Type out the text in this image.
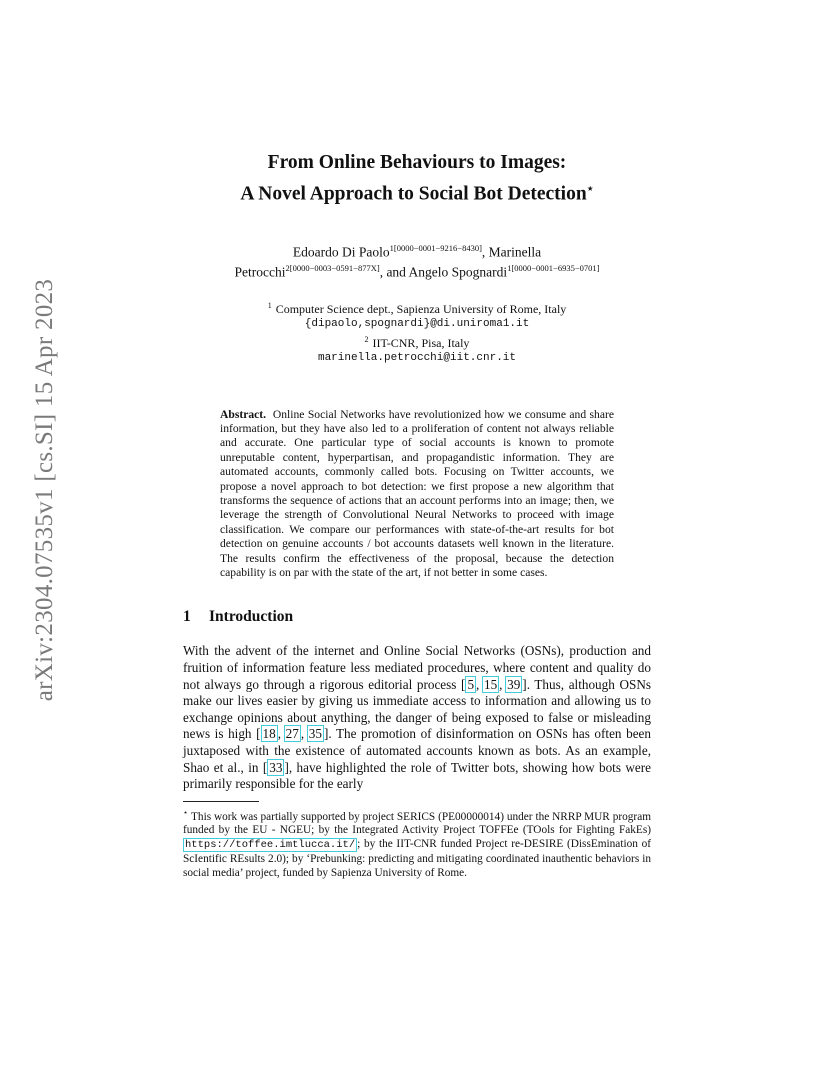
arXiv:2304.07535v1 [cs.SI] 15 Apr 2023
From Online Behaviours to Images:
A Novel Approach to Social Bot Detection⋆
Edoardo Di Paolo$^{1[0000-0001-9216-8430]}$, Marinella
Petrocchi$^{2[0000-0003-0591-877X]}$, and Angelo Spognardi$^{1[0000-0001-6935-0701]}$
$^1$ Computer Science dept., Sapienza University of Rome, Italy
{dipaolo,spognardi}@di.uniroma1.it
$^2$ IIT-CNR, Pisa, Italy
marinella.petrocchi@iit.cnr.it
Abstract. Online Social Networks have revolutionized how we consume and share information, but they have also led to a proliferation of content not always reliable and accurate. One particular type of social accounts is known to promote unreputable content, hyperpartisan, and propagandistic information. They are automated accounts, commonly called bots. Focusing on Twitter accounts, we propose a novel approach to bot detection: we first propose a new algorithm that transforms the sequence of actions that an account performs into an image; then, we leverage the strength of Convolutional Neural Networks to proceed with image classification. We compare our performances with state-of-the-art results for bot detection on genuine accounts / bot accounts datasets well known in the literature. The results confirm the effectiveness of the proposal, because the detection capability is on par with the state of the art, if not better in some cases.
1 Introduction
With the advent of the internet and Online Social Networks (OSNs), production and fruition of information feature less mediated procedures, where content and quality do not always go through a rigorous editorial process [ 5 , 15 , 39 ]. Thus, although OSNs make our lives easier by giving us immediate access to information and allowing us to exchange opinions about anything, the danger of being exposed to false or misleading news is high [ 18 , 27 , 35 ]. The promotion of disinformation on OSNs has often been juxtaposed with the existence of automated accounts known as bots. As an example, Shao et al., in [ 33 ], have highlighted the role of Twitter bots, showing how bots were primarily responsible for the early
⋆ This work was partially supported by project SERICS (PE00000014) under the NRRP MUR program funded by the EU - NGEU; by the Integrated Activity Project TOFFEe (TOols for Fighting FakEs) https://toffee.imtlucca.it/ ; by the IIT-CNR funded Project re-DESIRE (DissEmination of ScIentific REsults 2.0); by ‘Prebunking: predicting and mitigating coordinated inauthentic behaviors in social media’ project, funded by Sapienza University of Rome.
